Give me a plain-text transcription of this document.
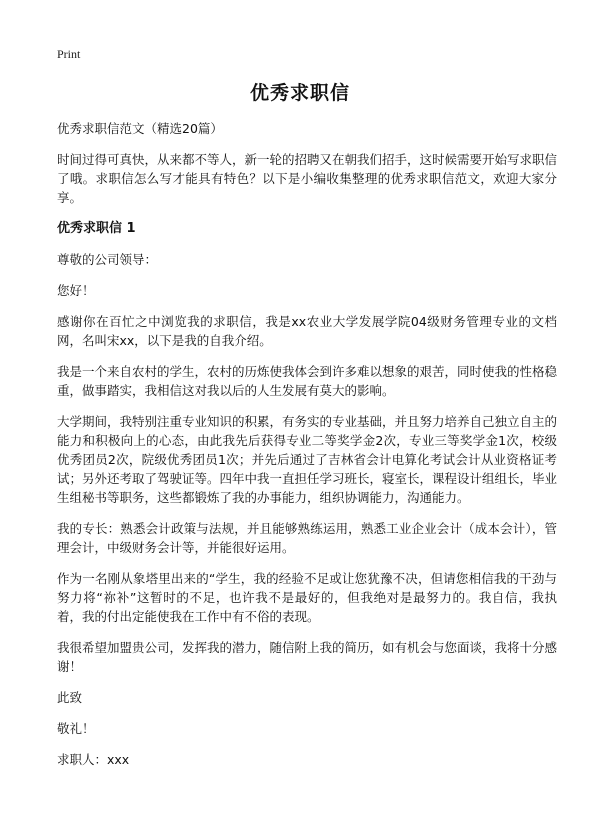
Print
优秀求职信

优秀求职信范文（精选20篇）

时间过得可真快，从来都不等人，新一轮的招聘又在朝我们招手，这时候需要开始写求职信了哦。求职信怎么写才能具有特色？以下是小编收集整理的优秀求职信范文，欢迎大家分享。

优秀求职信 1

尊敬的公司领导：

您好！

感谢你在百忙之中浏览我的求职信，我是xx农业大学发展学院04级财务管理专业的文档网，名叫宋xx，以下是我的自我介绍。

我是一个来自农村的学生，农村的历炼使我体会到许多难以想象的艰苦，同时使我的性格稳重，做事踏实，我相信这对我以后的人生发展有莫大的影响。

大学期间，我特别注重专业知识的积累，有务实的专业基础，并且努力培养自己独立自主的能力和积极向上的心态，由此我先后获得专业二等奖学金2次，专业三等奖学金1次，校级优秀团员2次，院级优秀团员1次；并先后通过了吉林省会计电算化考试会计从业资格证考试；另外还考取了驾驶证等。四年中我一直担任学习班长，寝室长，课程设计组组长，毕业生组秘书等职务，这些都锻炼了我的办事能力，组织协调能力，沟通能力。

我的专长：熟悉会计政策与法规，并且能够熟练运用，熟悉工业企业会计（成本会计），管理会计，中级财务会计等，并能很好运用。

作为一名刚从象塔里出来的“学生，我的经验不足或让您犹豫不决，但请您相信我的干劲与努力将“祢补”这暂时的不足，也许我不是最好的，但我绝对是最努力的。我自信，我执着，我的付出定能使我在工作中有不俗的表现。

我很希望加盟贵公司，发挥我的潜力，随信附上我的简历，如有机会与您面谈，我将十分感谢！

此致

敬礼！

求职人：xxx
